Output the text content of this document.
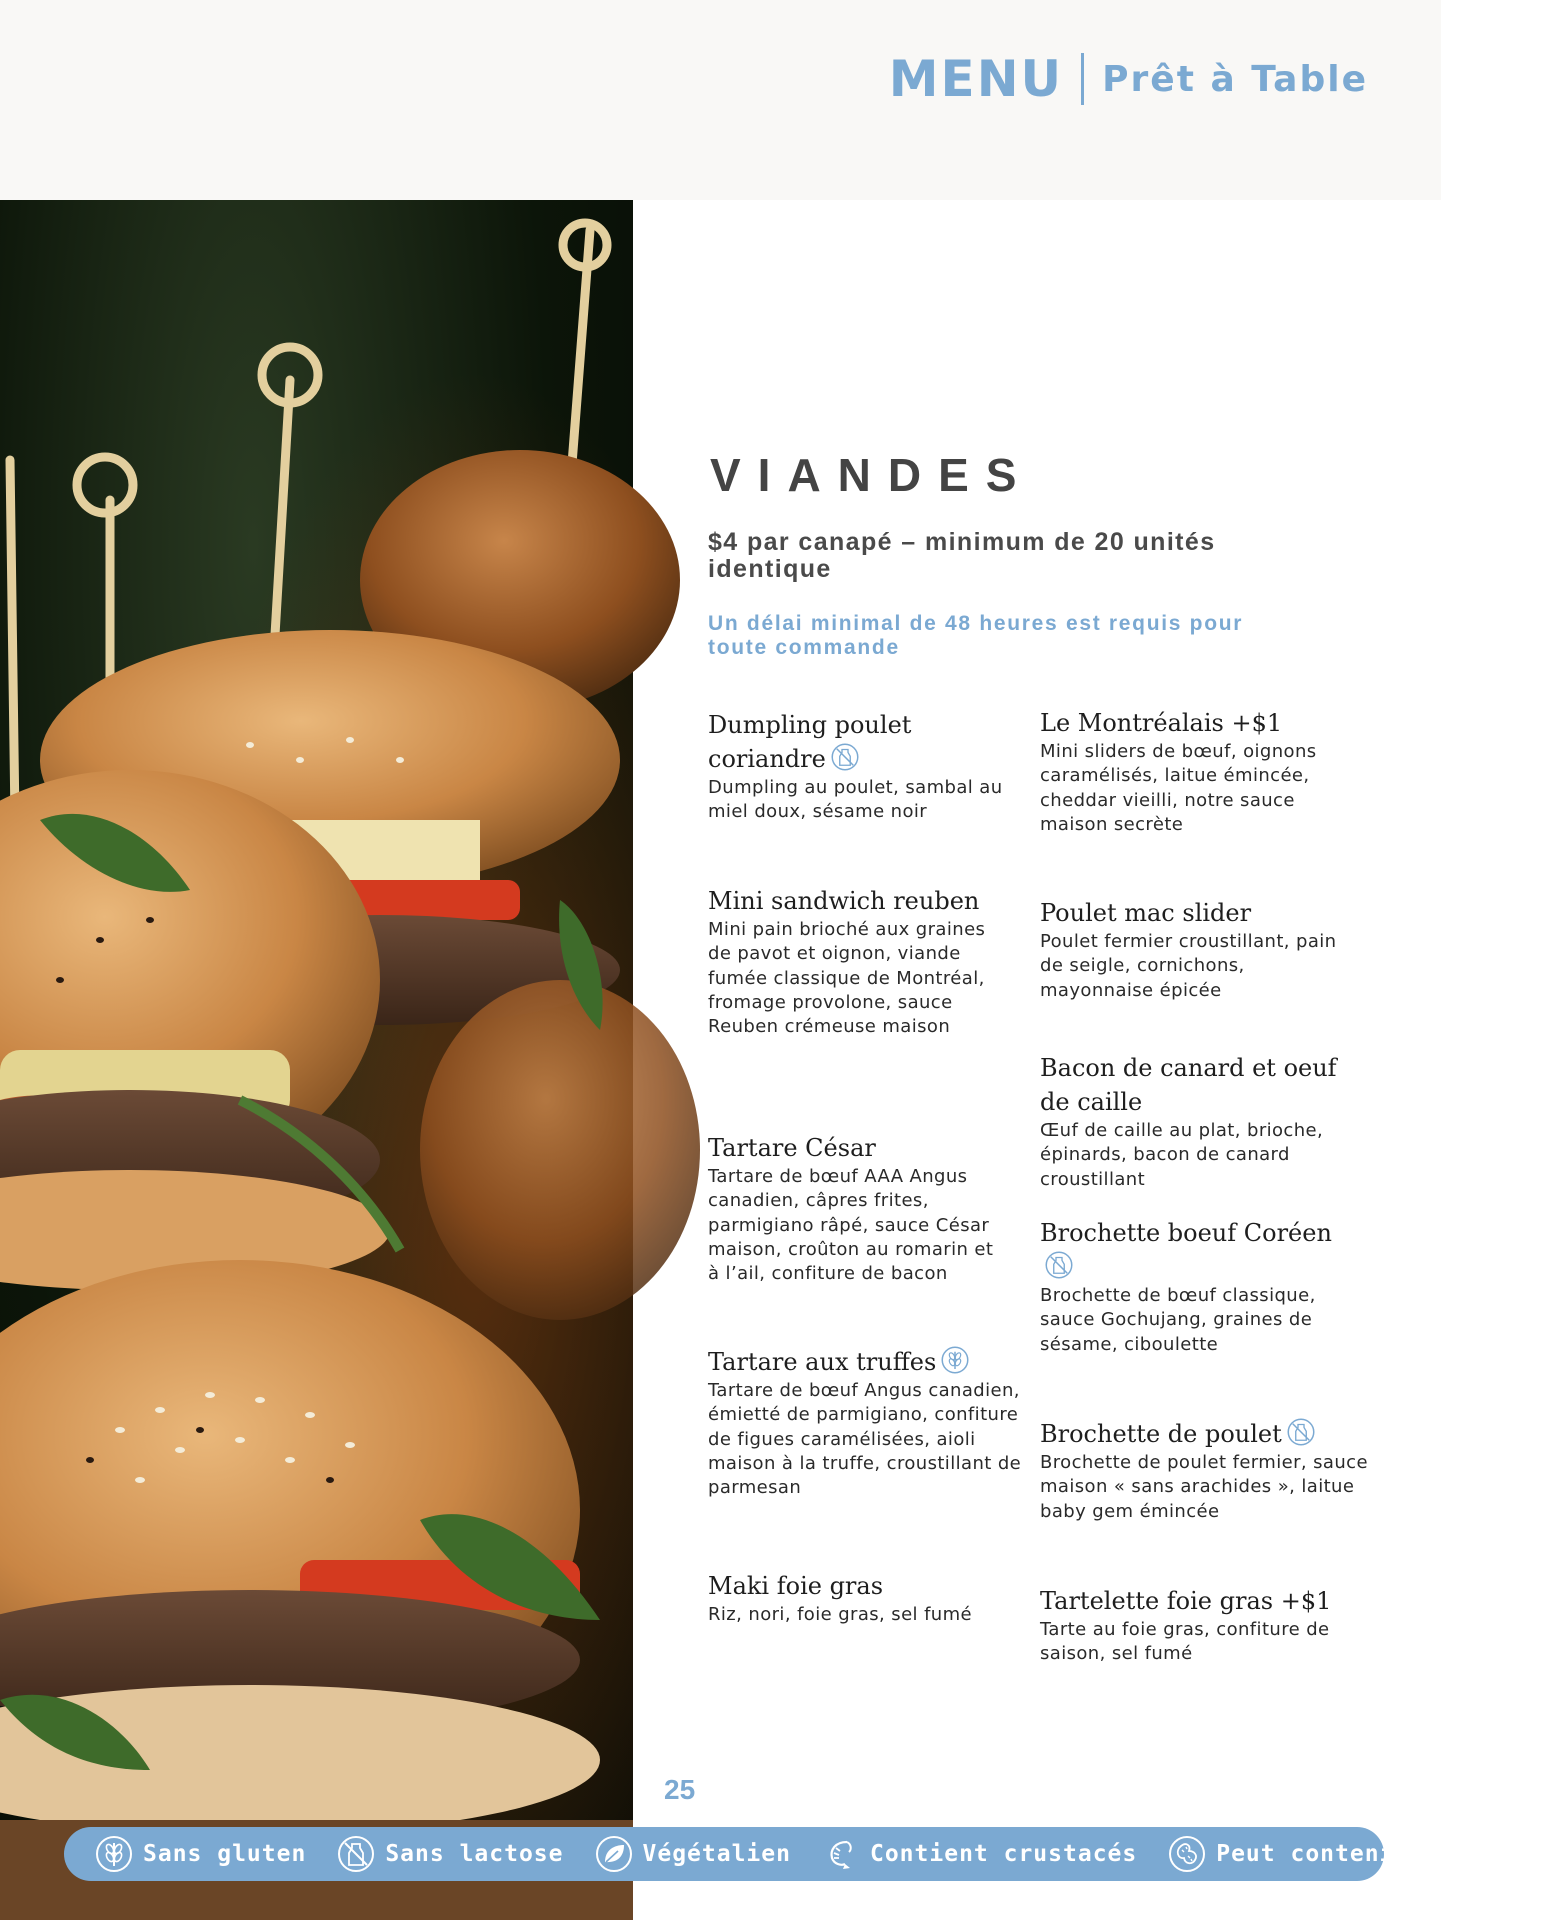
MENU Prêt à Table
VIANDES
$4 par canapé – minimum de 20 unités identique
Un délai minimal de 48 heures est requis pour toute commande
Dumpling poulet coriandre
Dumpling au poulet, sambal au miel doux, sésame noir
Mini sandwich reuben
Mini pain brioché aux graines de pavot et oignon, viande fumée classique de Montréal, fromage provolone, sauce Reuben crémeuse maison
Tartare César
Tartare de bœuf AAA Angus canadien, câpres frites, parmigiano râpé, sauce César maison, croûton au romarin et à l’ail, confiture de bacon
Tartare aux truffes
Tartare de bœuf Angus canadien, émietté de parmigiano, confiture de figues caramélisées, aioli maison à la truffe, croustillant de parmesan
Maki foie gras
Riz, nori, foie gras, sel fumé
Le Montréalais +$1
Mini sliders de bœuf, oignons caramélisés, laitue émincée, cheddar vieilli, notre sauce maison secrète
Poulet mac slider
Poulet fermier croustillant, pain de seigle, cornichons, mayonnaise épicée
Bacon de canard et oeuf de caille
Œuf de caille au plat, brioche, épinards, bacon de canard croustillant
Brochette boeuf Coréen
Brochette de bœuf classique, sauce Gochujang, graines de sésame, ciboulette
Brochette de poulet
Brochette de poulet fermier, sauce maison « sans arachides », laitue baby gem émincée
Tartelette foie gras +$1
Tarte au foie gras, confiture de saison, sel fumé
25
Sans gluten	Sans lactose	Végétalien	Contient crustacés	Peut contenir des noix
